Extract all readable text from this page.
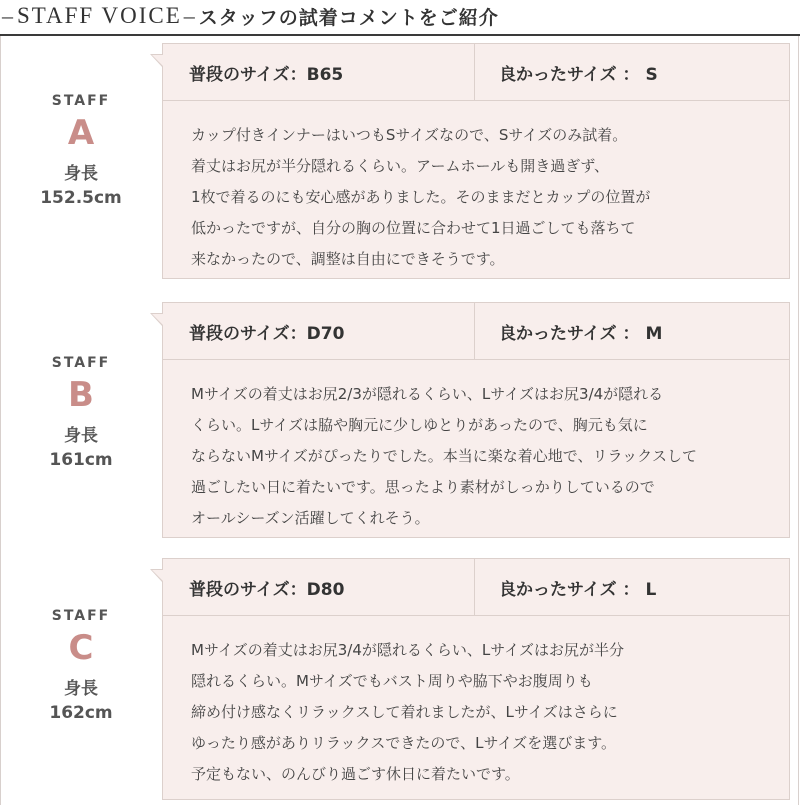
– STAFF VOICE – スタッフの試着コメントをご紹介
STAFF
A
身長
152.5cm
普段のサイズ：B65	良かったサイズ ： S
カップ付きインナーはいつもSサイズなので、Sサイズのみ試着。
着丈はお尻が半分隠れるくらい。アームホールも開き過ぎず、
1枚で着るのにも安心感がありました。そのままだとカップの位置が
低かったですが、自分の胸の位置に合わせて1日過ごしても落ちて
来なかったので、調整は自由にできそうです。
STAFF
B
身長
161cm
普段のサイズ：D70	良かったサイズ ： M
Mサイズの着丈はお尻2/3が隠れるくらい、Lサイズはお尻3/4が隠れる
くらい。Lサイズは脇や胸元に少しゆとりがあったので、胸元も気に
ならないMサイズがぴったりでした。本当に楽な着心地で、リラックスして
過ごしたい日に着たいです。思ったより素材がしっかりしているので
オールシーズン活躍してくれそう。
STAFF
C
身長
162cm
普段のサイズ：D80	良かったサイズ ： L
Mサイズの着丈はお尻3/4が隠れるくらい、Lサイズはお尻が半分
隠れるくらい。Mサイズでもバスト周りや脇下やお腹周りも
締め付け感なくリラックスして着れましたが、Lサイズはさらに
ゆったり感がありリラックスできたので、Lサイズを選びます。
予定もない、のんびり過ごす休日に着たいです。
